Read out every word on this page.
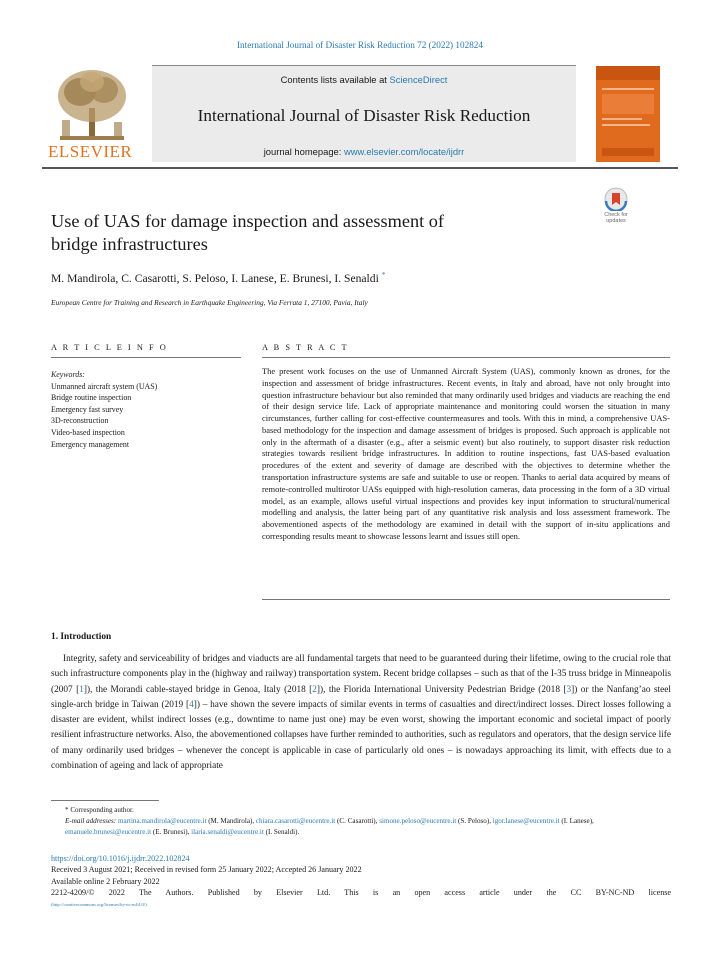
International Journal of Disaster Risk Reduction 72 (2022) 102824
ELSEVIER
Contents lists available at ScienceDirect
International Journal of Disaster Risk Reduction
journal homepage: www.elsevier.com/locate/ijdrr
Check for updates
Use of UAS for damage inspection and assessment of
bridge infrastructures
M. Mandirola, C. Casarotti, S. Peloso, I. Lanese, E. Brunesi, I. Senaldi *
European Centre for Training and Research in Earthquake Engineering, Via Ferrata 1, 27100, Pavia, Italy
A R T I C L E I N F O	A B S T R A C T
Keywords:
Unmanned aircraft system (UAS)
Bridge routine inspection
Emergency fast survey
3D-reconstruction
Video-based inspection
Emergency management
The present work focuses on the use of Unmanned Aircraft System (UAS), commonly known as drones, for the inspection and assessment of bridge infrastructures. Recent events, in Italy and abroad, have not only brought into question infrastructure behaviour but also reminded that many ordinarily used bridges and viaducts are reaching the end of their design service life. Lack of appropriate maintenance and monitoring could worsen the situation in many circumstances, further calling for cost-effective countermeasures and tools. With this in mind, a comprehensive UAS-based methodology for the inspection and damage assessment of bridges is proposed. Such approach is applicable not only in the aftermath of a disaster (e.g., after a seismic event) but also routinely, to support disaster risk reduction strategies towards resilient bridge infrastructures. In addition to routine inspections, fast UAS-based evaluation procedures of the extent and severity of damage are described with the objectives to determine whether the transportation infrastructure systems are safe and suitable to use or reopen. Thanks to aerial data acquired by means of remote-controlled multirotor UASs equipped with high-resolution cameras, data processing in the form of a 3D virtual model, as an example, allows useful virtual inspections and provides key input information to structural/numerical modelling and analysis, the latter being part of any quantitative risk analysis and loss assessment framework. The abovementioned aspects of the methodology are examined in detail with the support of in-situ applications and corresponding results meant to showcase lessons learnt and issues still open.
1. Introduction
Integrity, safety and serviceability of bridges and viaducts are all fundamental targets that need to be guaranteed during their lifetime, owing to the crucial role that such infrastructure components play in the (highway and railway) transportation system. Recent bridge collapses – such as that of the I-35 truss bridge in Minneapolis (2007 [1]), the Morandi cable-stayed bridge in Genoa, Italy (2018 [2]), the Florida International University Pedestrian Bridge (2018 [3]) or the Nanfang’ao steel single-arch bridge in Taiwan (2019 [4]) – have shown the severe impacts of similar events in terms of casualties and direct/indirect losses. Direct losses following a disaster are evident, whilst indirect losses (e.g., downtime to name just one) may be even worst, showing the important economic and societal impact of poorly resilient infrastructure networks. Also, the abovementioned collapses have further reminded to authorities, such as regulators and operators, that the design service life of many ordinarily used bridges – whenever the concept is applicable in case of particularly old ones – is nowadays approaching its limit, with effects due to a combination of ageing and lack of appropriate
* Corresponding author.
E-mail addresses: martina.mandirola@eucentre.it (M. Mandirola), chiara.casarotti@eucentre.it (C. Casarotti), simone.peloso@eucentre.it (S. Peloso), igor.lanese@eucentre.it (I. Lanese), emanuele.brunesi@eucentre.it (E. Brunesi), ilaria.senaldi@eucentre.it (I. Senaldi).
https://doi.org/10.1016/j.ijdrr.2022.102824
Received 3 August 2021; Received in revised form 25 January 2022; Accepted 26 January 2022
Available online 2 February 2022
2212-4209/© 2022 The Authors. Published by Elsevier Ltd. This is an open access article under the CC BY-NC-ND license
(http://creativecommons.org/licenses/by-nc-nd/4.0/).
